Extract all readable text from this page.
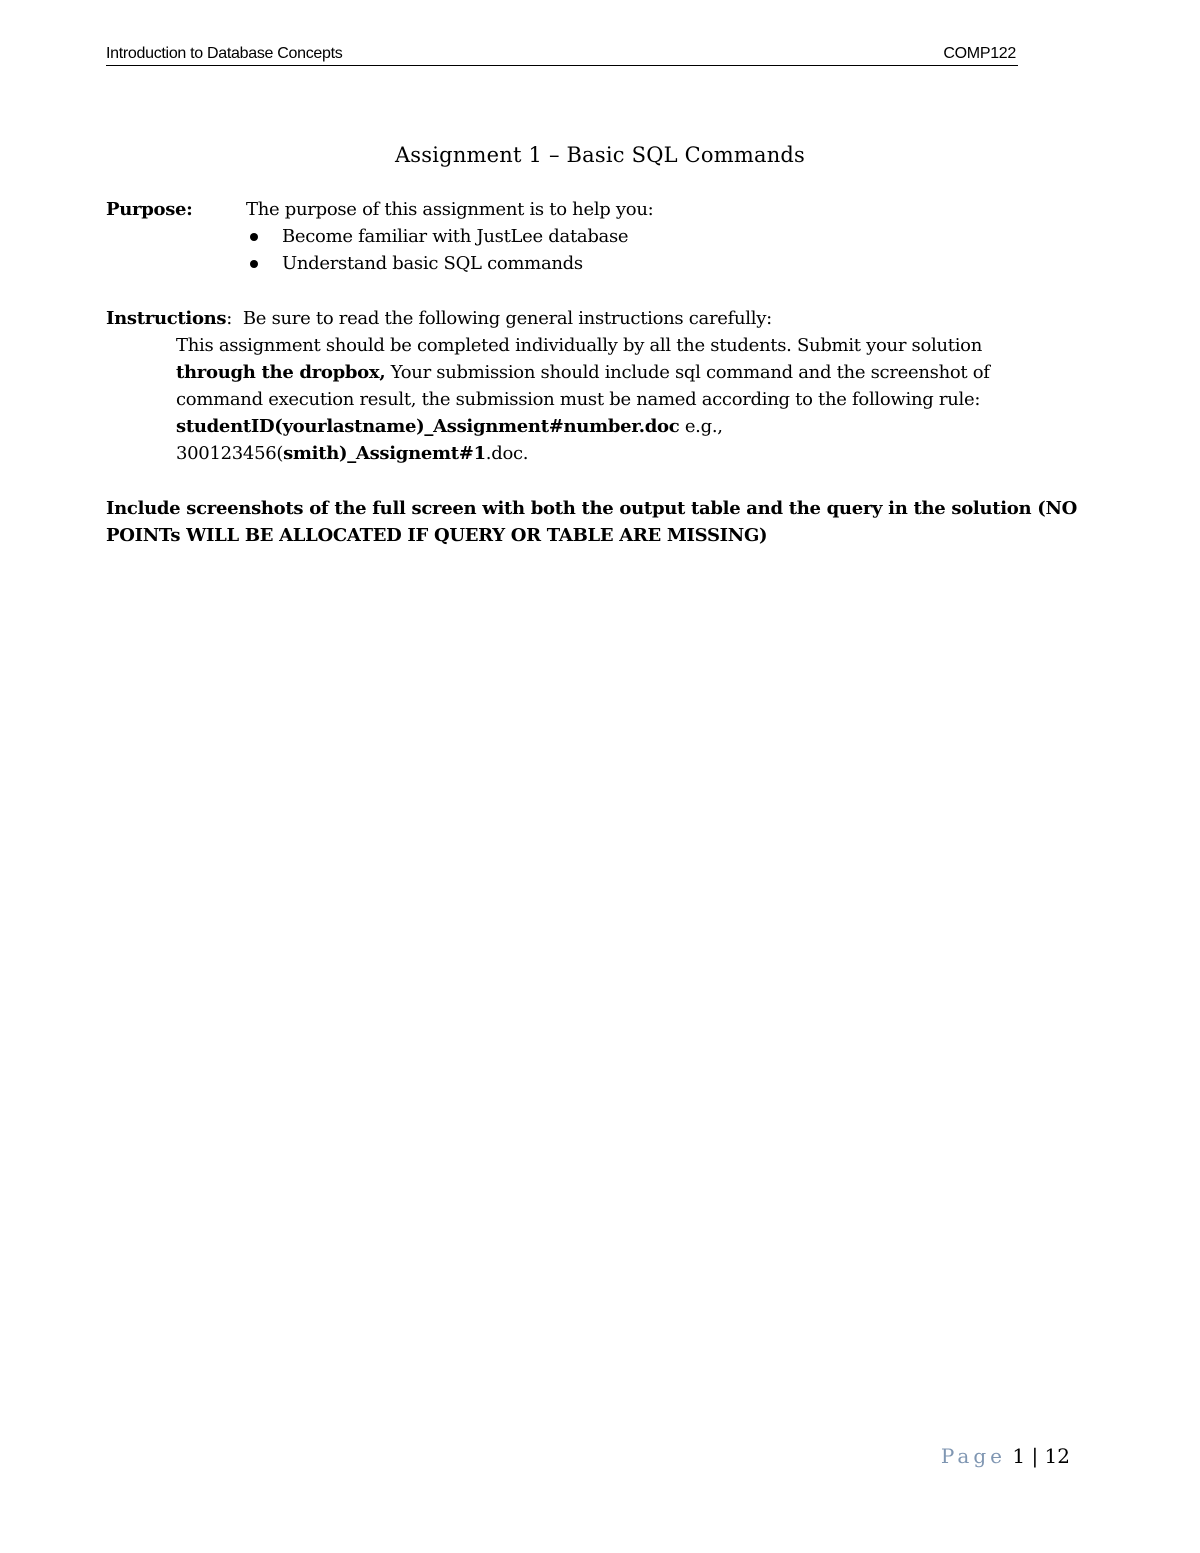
Introduction to Database Concepts	COMP122
Assignment 1 – Basic SQL Commands
Purpose:	The purpose of this assignment is to help you:
Become familiar with JustLee database
Understand basic SQL commands
Instructions: Be sure to read the following general instructions carefully:
This assignment should be completed individually by all the students. Submit your solution
through the dropbox, Your submission should include sql command and the screenshot of
command execution result, the submission must be named according to the following rule:
studentID(yourlastname)_Assignment#number.doc e.g.,
300123456(smith)_Assignemt#1.doc.
Include screenshots of the full screen with both the output table and the query in the solution (NO POINTs WILL BE ALLOCATED IF QUERY OR TABLE ARE MISSING)
Page 1 | 12
